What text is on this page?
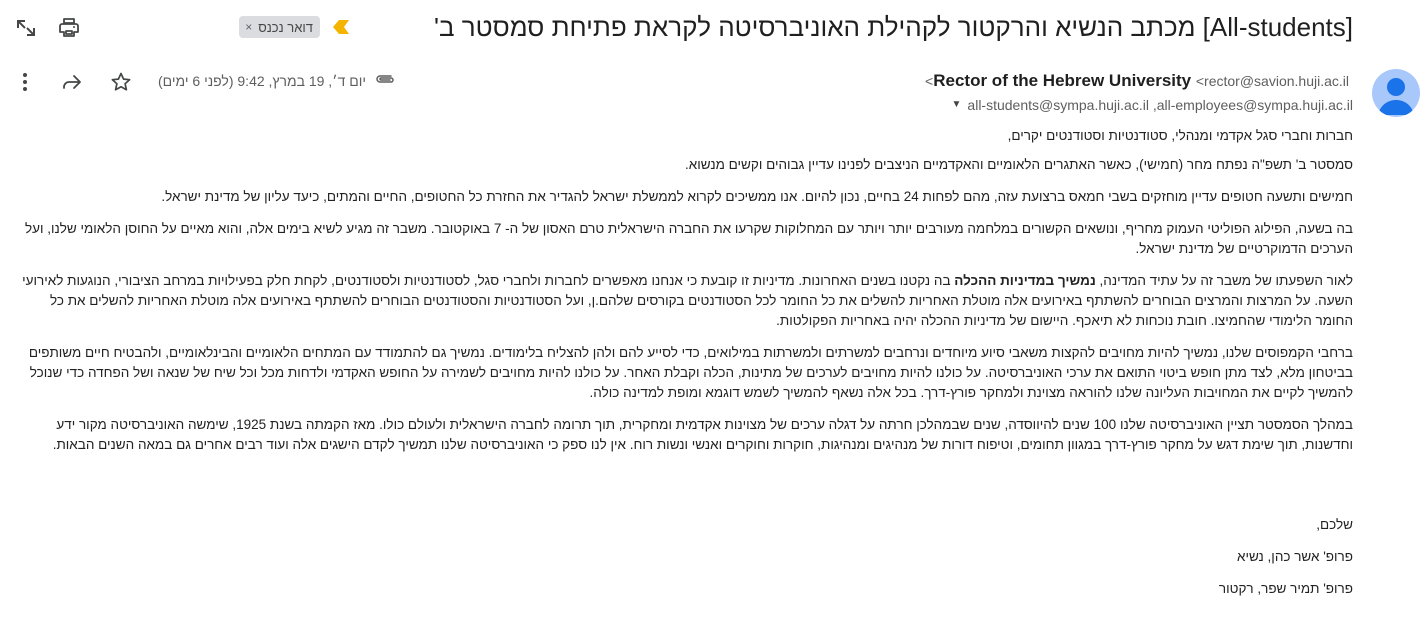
דואר נכנס
×	[All-students] מכתב הנשיא והרקטור לקהילת האוניברסיטה לקראת פתיחת סמסטר ב'
Rector of the Hebrew University <rector@savion.huji.ac.il>
all-students@sympa.huji.ac.il ,all-employees@sympa.huji.ac.il
▼
יום ד׳, 19 במרץ, 9:42 (לפני 6 ימים)

חברות וחברי סגל אקדמי ומנהלי, סטודנטיות וסטודנטים יקרים,

סמסטר ב' תשפ"ה נפתח מחר (חמישי), כאשר האתגרים הלאומיים והאקדמיים הניצבים לפנינו עדיין גבוהים וקשים מנשוא.

חמישים ותשעה חטופים עדיין מוחזקים בשבי חמאס ברצועת עזה, מהם לפחות 24 בחיים, נכון להיום. אנו ממשיכים לקרוא לממשלת ישראל להגדיר את החזרת כל החטופים, החיים והמתים, כיעד עליון של מדינת ישראל.

בה בשעה, הפילוג הפוליטי העמוק מחריף, ונושאים הקשורים במלחמה מעורבים יותר ויותר עם המחלוקות שקרעו את החברה הישראלית טרם האסון של ה- 7 באוקטובר. משבר זה מגיע לשיא בימים אלה, והוא מאיים על החוסן הלאומי שלנו, ועל הערכים הדמוקרטיים של מדינת ישראל.

לאור השפעתו של משבר זה על עתיד המדינה, נמשיך במדיניות ההכלה בה נקטנו בשנים האחרונות. מדיניות זו קובעת כי אנחנו מאפשרים לחברות ולחברי סגל, לסטודנטיות ולסטודנטים, לקחת חלק בפעילויות במרחב הציבורי, הנוגעות לאירועי השעה. על המרצות והמרצים הבוחרים להשתתף באירועים אלה מוטלת האחריות להשלים את כל החומר לכל הסטודנטים בקורסים שלהם.ן, ועל הסטודנטיות והסטודנטים הבוחרים להשתתף באירועים אלה מוטלת האחריות להשלים את כל החומר הלימודי שהחמיצו. חובת נוכחות לא תיאכף. היישום של מדיניות ההכלה יהיה באחריות הפקולטות.

ברחבי הקמפוסים שלנו, נמשיך להיות מחויבים להקצות משאבי סיוע מיוחדים ונרחבים למשרתים ולמשרתות במילואים, כדי לסייע להם ולהן להצליח בלימודים. נמשיך גם להתמודד עם המתחים הלאומיים והבינלאומיים, ולהבטיח חיים משותפים בביטחון מלא, לצד מתן חופש ביטוי התואם את ערכי האוניברסיטה. על כולנו להיות מחויבים לערכים של מתינות, הכלה וקבלת האחר. על כולנו להיות מחויבים לשמירה על החופש האקדמי ולדחות מכל וכל שיח של שנאה ושל הפחדה כדי שנוכל להמשיך לקיים את המחויבות העליונה שלנו להוראה מצוינת ולמחקר פורץ-דרך. בכל אלה נשאף להמשיך לשמש דוגמא ומופת למדינה כולה.

במהלך הסמסטר תציין האוניברסיטה שלנו 100 שנים להיווסדה, שנים שבמהלכן חרתה על דגלה ערכים של מצוינות אקדמית ומחקרית, תוך תרומה לחברה הישראלית ולעולם כולו. מאז הקמתה בשנת 1925, שימשה האוניברסיטה מקור ידע וחדשנות, תוך שימת דגש על מחקר פורץ-דרך במגוון תחומים, וטיפוח דורות של מנהיגים ומנהיגות, חוקרות וחוקרים ואנשי ונשות רוח. אין לנו ספק כי האוניברסיטה שלנו תמשיך לקדם הישגים אלה ועוד רבים אחרים גם במאה השנים הבאות.

שלכם,

פרופ' אשר כהן, נשיא

פרופ' תמיר שפר, רקטור
